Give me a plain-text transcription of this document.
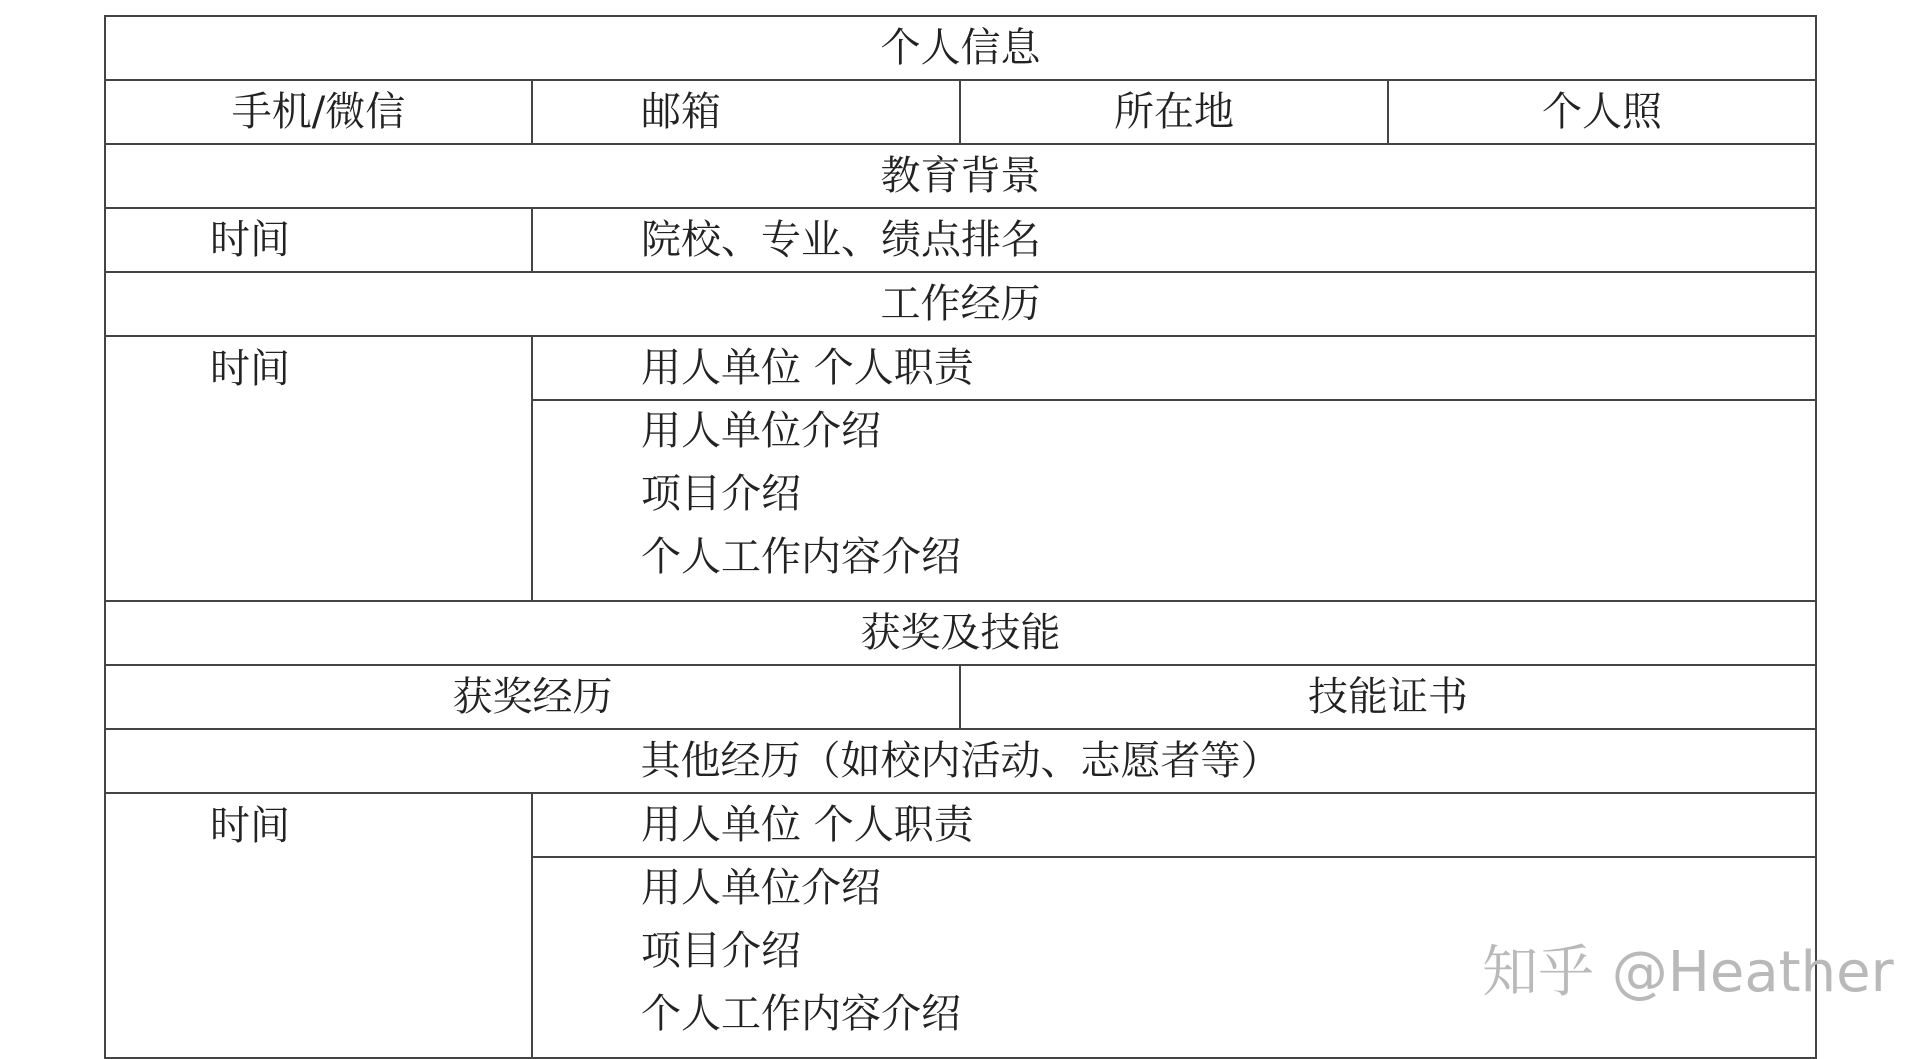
个人信息			
手机/微信	邮箱	所在地	个人照
教育背景			
时间	院校、专业、绩点排名		
工作经历			
时间	用人单位 个人职责		

	用人单位介绍
项目介绍
个人工作内容介绍		

获奖及技能			
获奖经历		技能证书	
其他经历（如校内活动、志愿者等）			
时间	用人单位 个人职责		

	用人单位介绍
项目介绍
个人工作内容介绍		
知乎 @Heather
